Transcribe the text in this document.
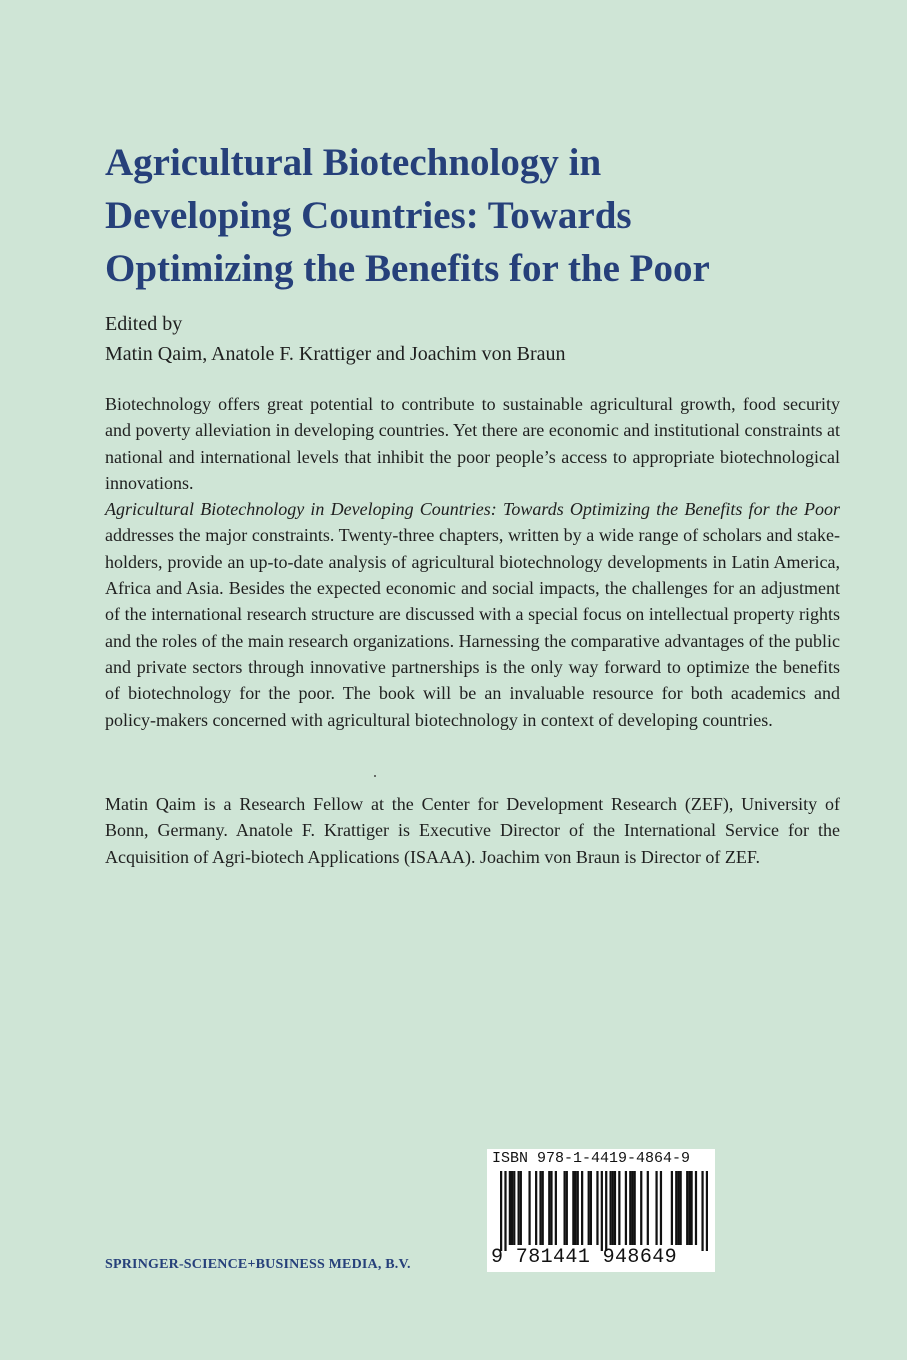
Agricultural Biotechnology in
Developing Countries: Towards
Optimizing the Benefits for the Poor
Edited by
Matin Qaim, Anatole F. Krattiger and Joachim von Braun

Biotechnology offers great potential to contribute to sustainable agricultural growth, food security and poverty alleviation in developing countries. Yet there are economic and institutional constraints at national and international levels that inhibit the poor people’s access to appropriate biotechnological innovations.

Agricultural Biotechnology in Developing Countries: Towards Optimizing the Benefits for the Poor addresses the major constraints. Twenty-three chapters, written by a wide range of scholars and stake-holders, provide an up-to-date analysis of agricultural biotechnology developments in Latin America, Africa and Asia. Besides the expected economic and social impacts, the challenges for an adjustment of the international research structure are discussed with a special focus on intellectual property rights and the roles of the main research organizations. Harnessing the comparative advantages of the public and private sectors through innovative partnerships is the only way forward to optimize the benefits of biotechnology for the poor. The book will be an invaluable resource for both academics and policy-makers concerned with agricultural biotechnology in context of developing countries.

Matin Qaim is a Research Fellow at the Center for Development Research (ZEF), University of Bonn, Germany. Anatole F. Krattiger is Executive Director of the International Service for the Acquisition of Agri-biotech Applications (ISAAA). Joachim von Braun is Director of ZEF.

SPRINGER-SCIENCE+BUSINESS MEDIA, B.V.
ISBN 978-1-4419-4864-9
9 781441 948649
